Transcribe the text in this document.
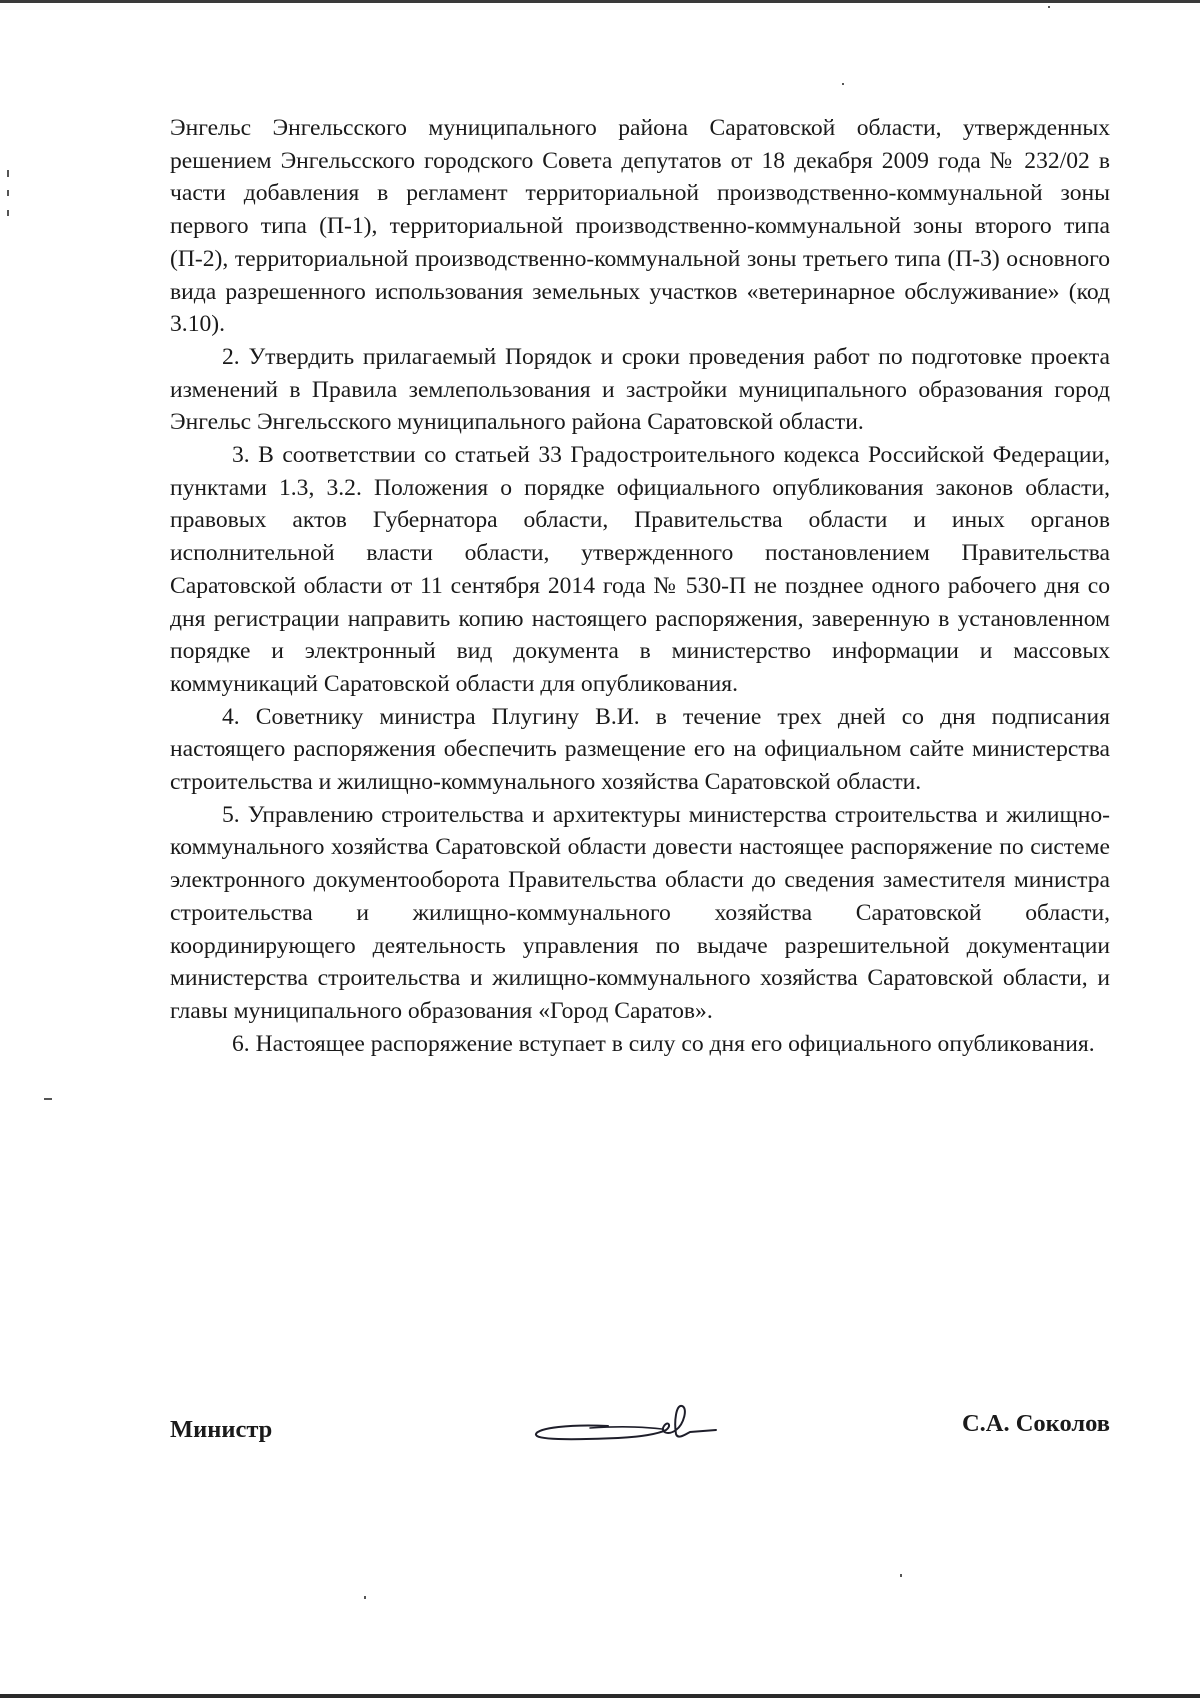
Энгельс Энгельсского муниципального района Саратовской области, утвержденных решением Энгельсского городского Совета депутатов от 18 декабря 2009 года № 232/02 в части добавления в регламент территориальной производственно-коммунальной зоны первого типа (П-1), территориальной производственно-коммунальной зоны второго типа (П-2), территориальной производственно-коммунальной зоны третьего типа (П-3) основного вида разрешенного использования земельных участков «ветеринарное обслуживание» (код 3.10).

2. Утвердить прилагаемый Порядок и сроки проведения работ по подготовке проекта изменений в Правила землепользования и застройки муниципального образования город Энгельс Энгельсского муниципального района Саратовской области.

3. В соответствии со статьей 33 Градостроительного кодекса Российской Федерации, пунктами 1.3, 3.2. Положения о порядке официального опубликования законов области, правовых актов Губернатора области, Правительства области и иных органов исполнительной власти области, утвержденного постановлением Правительства Саратовской области от 11 сентября 2014 года № 530-П не позднее одного рабочего дня со дня регистрации направить копию настоящего распоряжения, заверенную в установленном порядке и электронный вид документа в министерство информации и массовых коммуникаций Саратовской области для опубликования.

4. Советнику министра Плугину В.И. в течение трех дней со дня подписания настоящего распоряжения обеспечить размещение его на официальном сайте министерства строительства и жилищно-коммунального хозяйства Саратовской области.

5. Управлению строительства и архитектуры министерства строительства и жилищно-коммунального хозяйства Саратовской области довести настоящее распоряжение по системе электронного документооборота Правительства области до сведения заместителя министра строительства и жилищно-коммунального хозяйства Саратовской области, координирующего деятельность управления по выдаче разрешительной документации министерства строительства и жилищно-коммунального хозяйства Саратовской области, и главы муниципального образования «Город Саратов».

6. Настоящее распоряжение вступает в силу со дня его официального опубликования.

Министр	С.А. Соколов
